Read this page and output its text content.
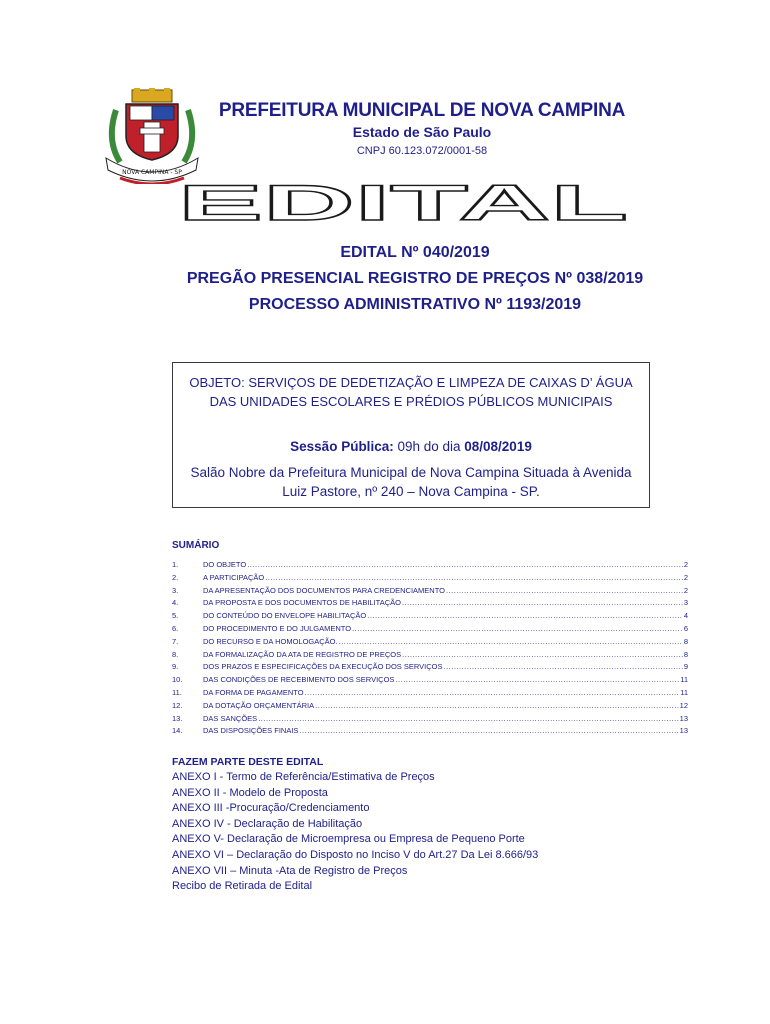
NOVA CAMPINA - SP
PREFEITURA MUNICIPAL DE NOVA CAMPINA
Estado de São Paulo
CNPJ 60.123.072/0001-58
EDITAL
EDITAL Nº 040/2019
PREGÃO PRESENCIAL REGISTRO DE PREÇOS Nº 038/2019
PROCESSO ADMINISTRATIVO Nº 1193/2019
OBJETO: SERVIÇOS DE DEDETIZAÇÃO E LIMPEZA DE CAIXAS D’ ÁGUA DAS UNIDADES ESCOLARES E PRÉDIOS PÚBLICOS MUNICIPAIS
Sessão Pública: 09h do dia 08/08/2019
Salão Nobre da Prefeitura Municipal de Nova Campina Situada à Avenida Luiz Pastore, nº 240 – Nova Campina - SP.
SUMÁRIO
1.	DO OBJETO .....	2
2.	A PARTICIPAÇÃO .....	2
3.	DA APRESENTAÇÃO DOS DOCUMENTOS PARA CREDENCIAMENTO .....	2
4.	DA PROPOSTA E DOS DOCUMENTOS DE HABILITAÇÃO .....	3
5.	DO CONTEÚDO DO ENVELOPE HABILITAÇÃO .....	4
6.	DO PROCEDIMENTO E DO JULGAMENTO .....	6
7.	DO RECURSO E DA HOMOLOGAÇÃO. .....	8
8.	DA FORMALIZAÇÃO DA ATA DE REGISTRO DE PREÇOS .....	8
9.	DOS PRAZOS E ESPECIFICAÇÕES DA EXECUÇÃO DOS SERVIÇOS .....	9
10.	DAS CONDIÇÕES DE RECEBIMENTO DOS SERVIÇOS .....	11
11.	DA FORMA DE PAGAMENTO .....	11
12.	DA DOTAÇÃO ORÇAMENTÁRIA .....	12
13.	DAS SANÇÕES .....	13
14.	DAS DISPOSIÇÕES FINAIS .....	13
FAZEM PARTE DESTE EDITAL
ANEXO I - Termo de Referência/Estimativa de Preços
ANEXO II - Modelo de Proposta
ANEXO III -Procuração/Credenciamento
ANEXO IV - Declaração de Habilitação
ANEXO V- Declaração de Microempresa ou Empresa de Pequeno Porte
ANEXO VI – Declaração do Disposto no Inciso V do Art.27 Da Lei 8.666/93
ANEXO VII – Minuta -Ata de Registro de Preços
Recibo de Retirada de Edital
